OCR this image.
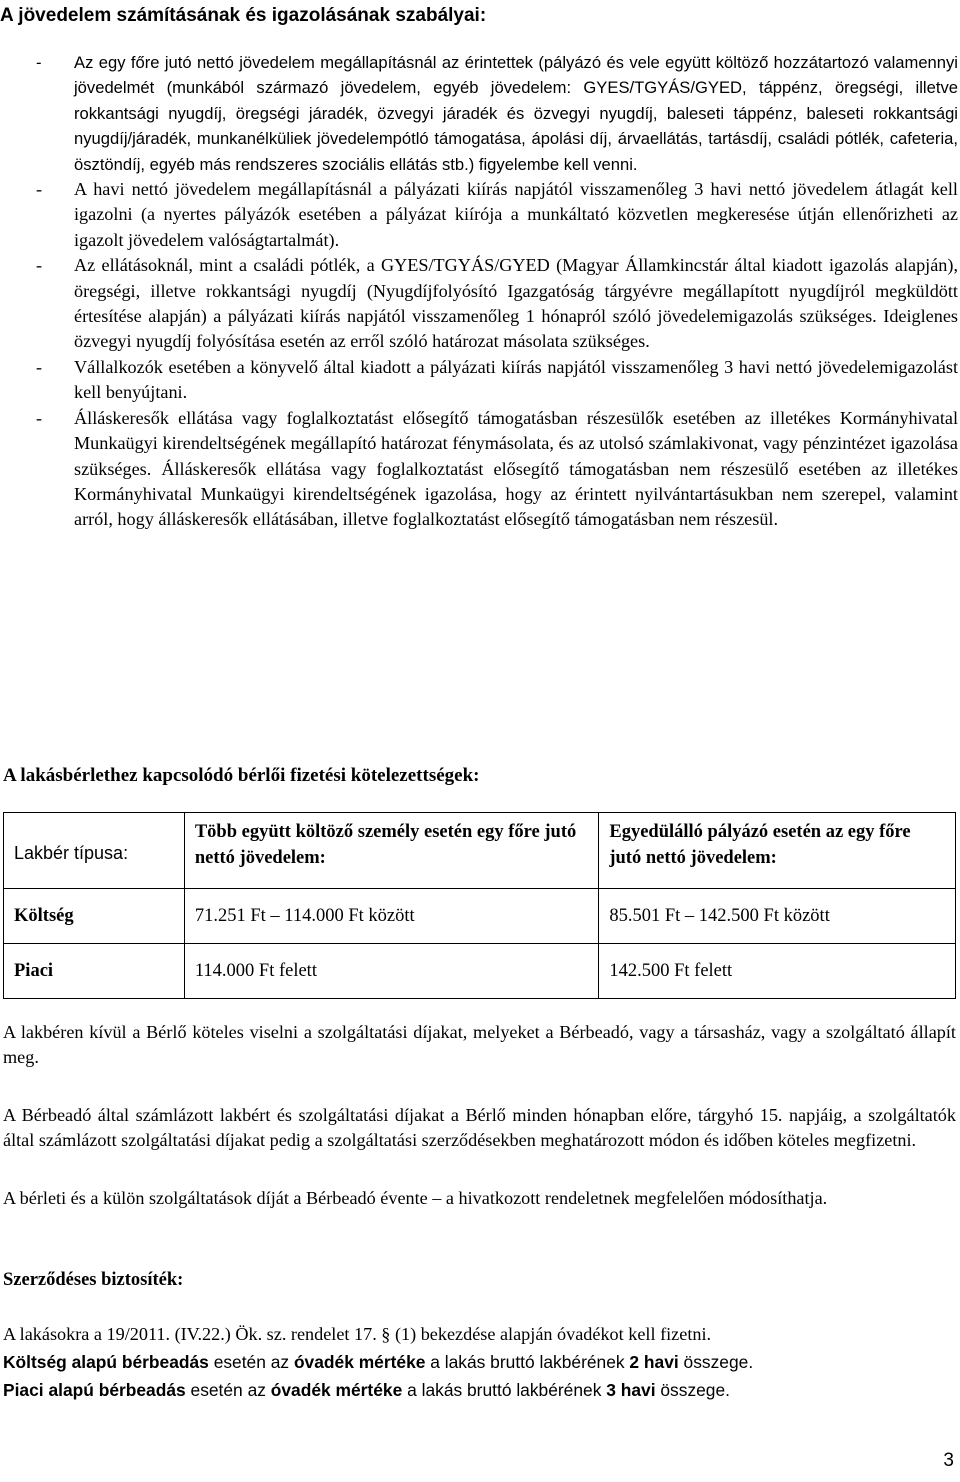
A jövedelem számításának és igazolásának szabályai:
- Az egy főre jutó nettó jövedelem megállapításnál az érintettek (pályázó és vele együtt költöző hozzátartozó valamennyi jövedelmét (munkából származó jövedelem, egyéb jövedelem: GYES/TGYÁS/GYED, táppénz, öregségi, illetve rokkantsági nyugdíj, öregségi járadék, özvegyi járadék és özvegyi nyugdíj, baleseti táppénz, baleseti rokkantsági nyugdíj/járadék, munkanélküliek jövedelempótló támogatása, ápolási díj, árvaellátás, tartásdíj, családi pótlék, cafeteria, ösztöndíj, egyéb más rendszeres szociális ellátás stb.) figyelembe kell venni.
- A havi nettó jövedelem megállapításnál a pályázati kiírás napjától visszamenőleg 3 havi nettó jövedelem átlagát kell igazolni (a nyertes pályázók esetében a pályázat kiírója a munkáltató közvetlen megkeresése útján ellenőrizheti az igazolt jövedelem valóságtartalmát).
- Az ellátásoknál, mint a családi pótlék, a GYES/TGYÁS/GYED (Magyar Államkincstár által kiadott igazolás alapján), öregségi, illetve rokkantsági nyugdíj (Nyugdíjfolyósító Igazgatóság tárgyévre megállapított nyugdíjról megküldött értesítése alapján) a pályázati kiírás napjától visszamenőleg 1 hónapról szóló jövedelemigazolás szükséges. Ideiglenes özvegyi nyugdíj folyósítása esetén az erről szóló határozat másolata szükséges.
- Vállalkozók esetében a könyvelő által kiadott a pályázati kiírás napjától visszamenőleg 3 havi nettó jövedelemigazolást kell benyújtani.
- Álláskeresők ellátása vagy foglalkoztatást elősegítő támogatásban részesülők esetében az illetékes Kormányhivatal Munkaügyi kirendeltségének megállapító határozat fénymásolata, és az utolsó számlakivonat, vagy pénzintézet igazolása szükséges. Álláskeresők ellátása vagy foglalkoztatást elősegítő támogatásban nem részesülő esetében az illetékes Kormányhivatal Munkaügyi kirendeltségének igazolása, hogy az érintett nyilvántartásukban nem szerepel, valamint arról, hogy álláskeresők ellátásában, illetve foglalkoztatást elősegítő támogatásban nem részesül.
A lakásbérlethez kapcsolódó bérlői fizetési kötelezettségek:
Lakbér típusa:	Több együtt költöző személy esetén egy főre jutó nettó jövedelem:	Egyedülálló pályázó esetén az egy főre jutó nettó jövedelem:
Költség	71.251 Ft – 114.000 Ft között	85.501 Ft – 142.500 Ft között
Piaci	114.000 Ft felett	142.500 Ft felett
A lakbéren kívül a Bérlő köteles viselni a szolgáltatási díjakat, melyeket a Bérbeadó, vagy a társasház, vagy a szolgáltató állapít meg.
A Bérbeadó által számlázott lakbért és szolgáltatási díjakat a Bérlő minden hónapban előre, tárgyhó 15. napjáig, a szolgáltatók által számlázott szolgáltatási díjakat pedig a szolgáltatási szerződésekben meghatározott módon és időben köteles megfizetni.
A bérleti és a külön szolgáltatások díját a Bérbeadó évente – a hivatkozott rendeletnek megfelelően módosíthatja.
Szerződéses biztosíték:
A lakásokra a 19/2011. (IV.22.) Ök. sz. rendelet 17. § (1) bekezdése alapján óvadékot kell fizetni.
Költség alapú bérbeadás esetén az óvadék mértéke a lakás bruttó lakbérének 2 havi összege.
Piaci alapú bérbeadás esetén az óvadék mértéke a lakás bruttó lakbérének 3 havi összege.
3
